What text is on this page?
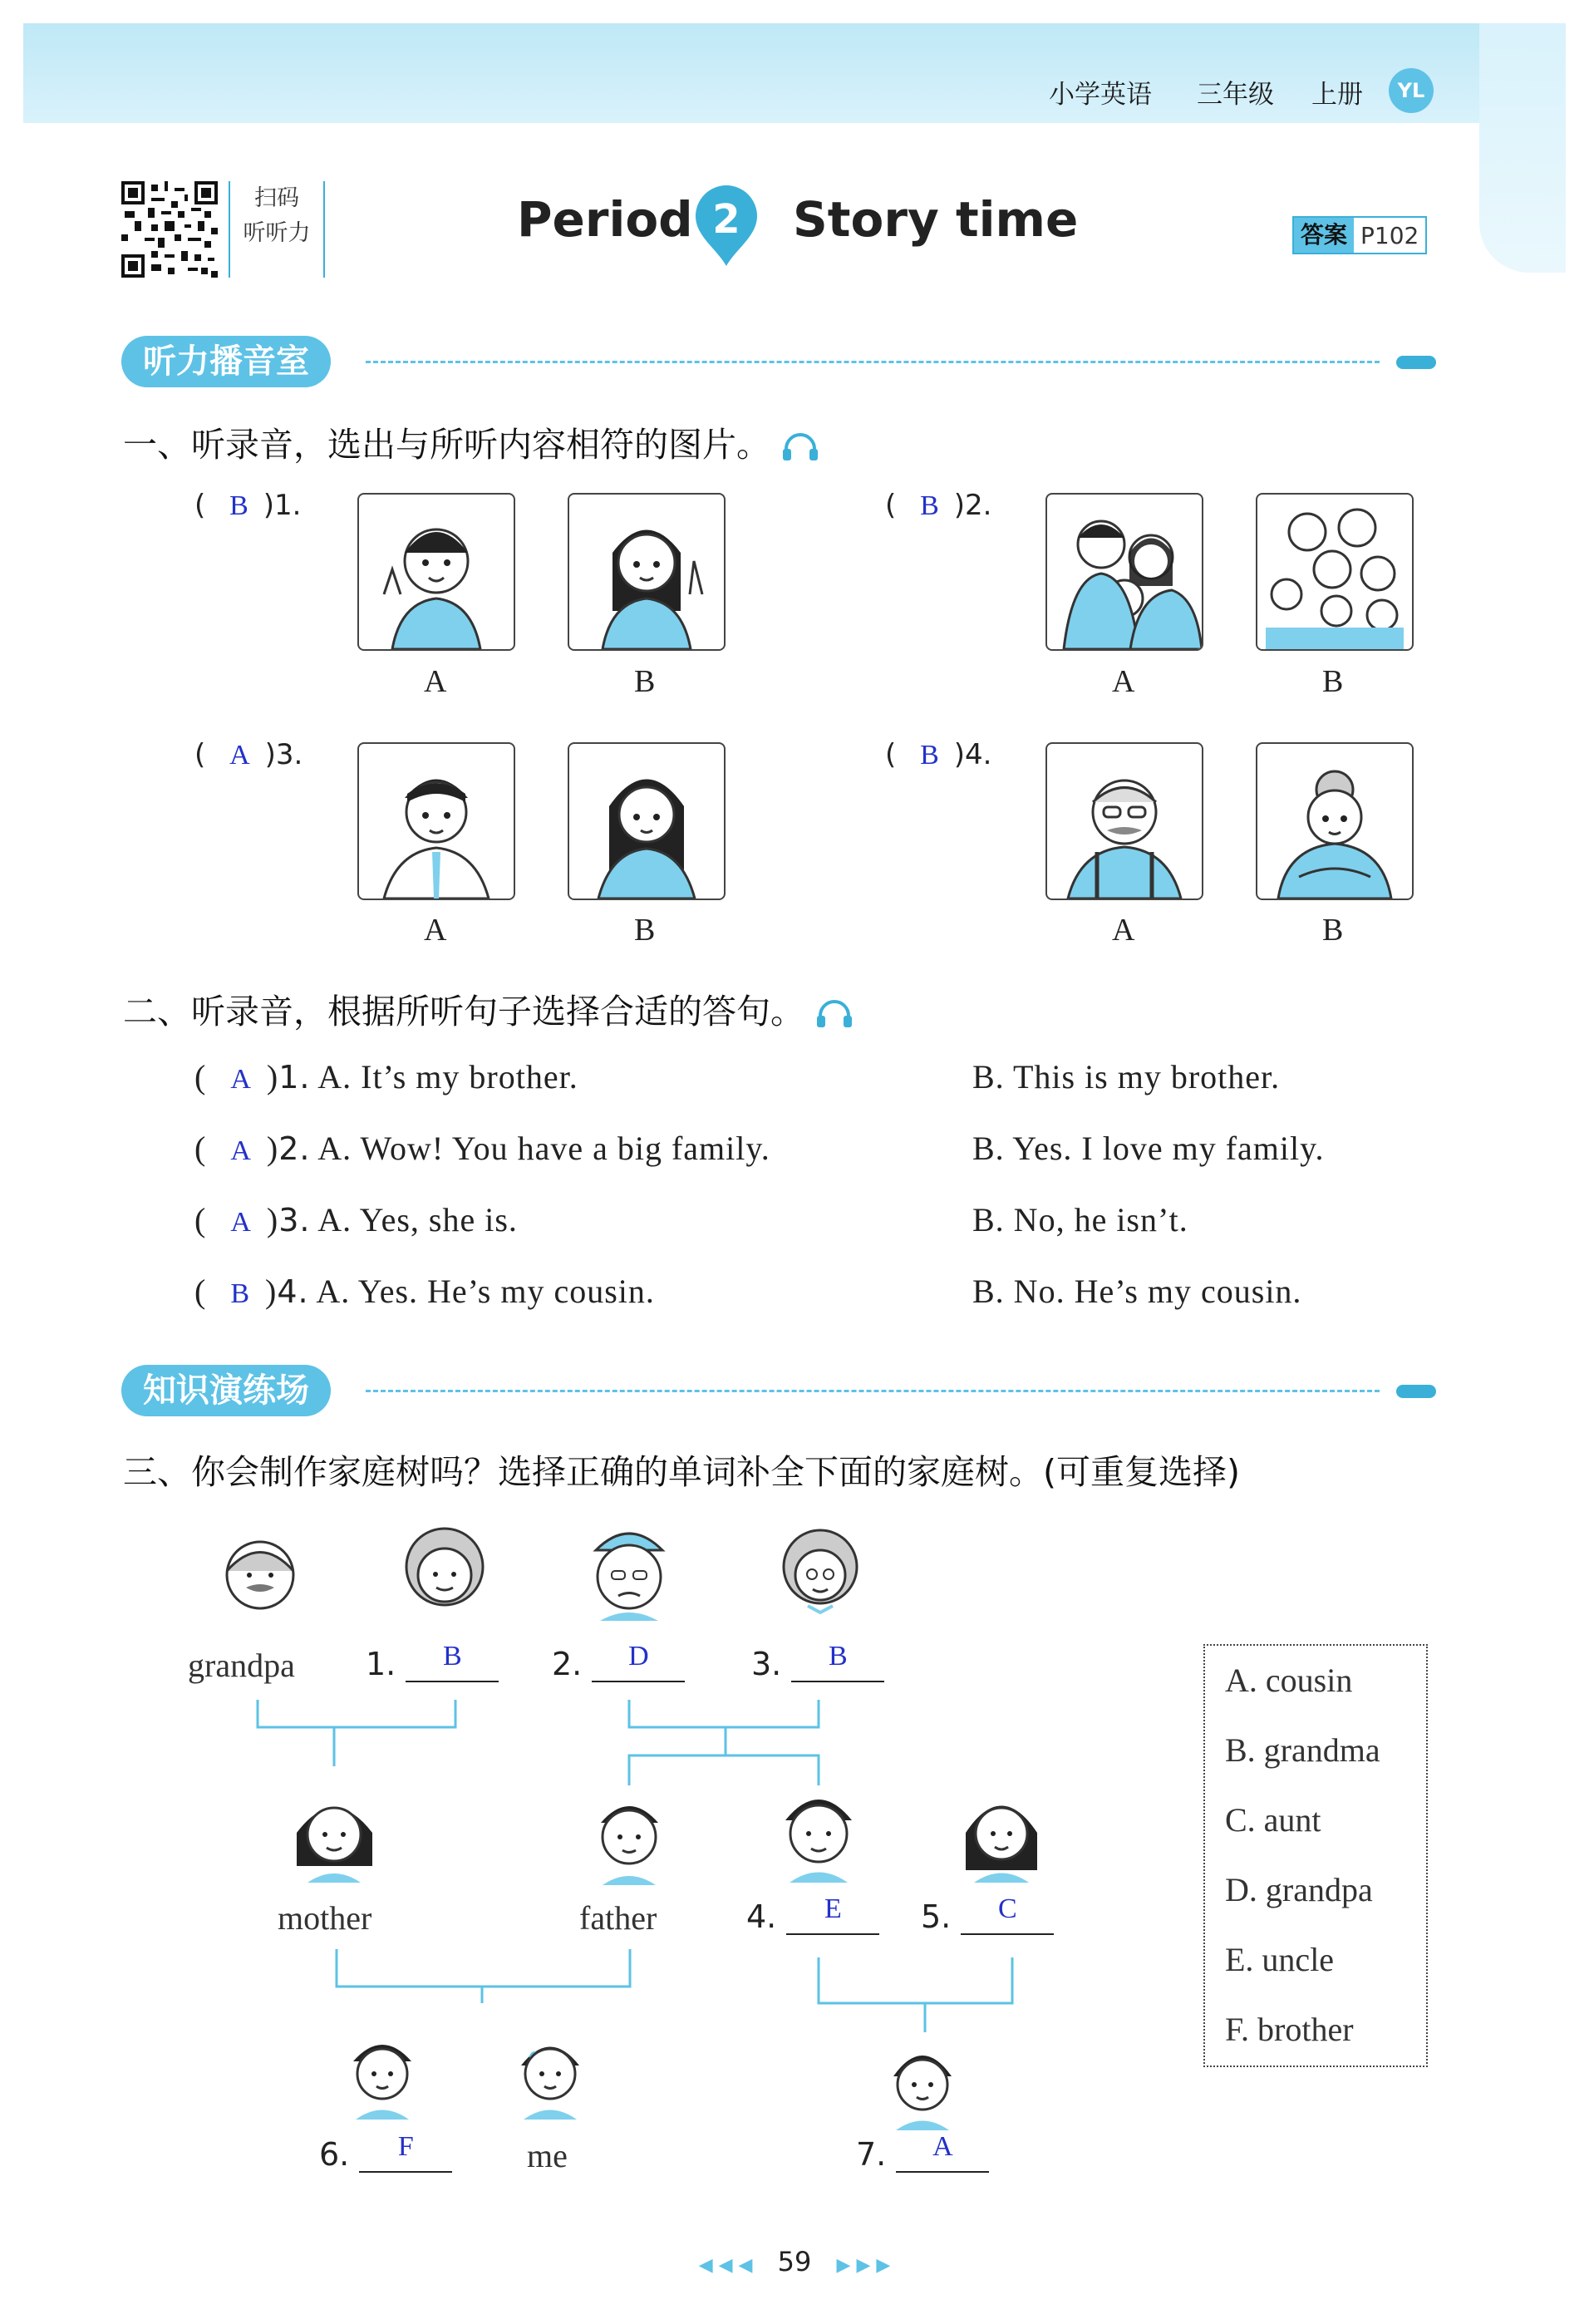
小学英语 三年级 上册	YL
扫码
听听力	Period 2	Story time	答案 P102
听力播音室
一、听录音，选出与所听内容相符的图片。
( B )1.
A	B
( B )2.
A	B
( A )3.
A	B
( B )4.
A	B
二、听录音，根据所听句子选择合适的答句。
( A )1. A. It’s my brother.	B. This is my brother.
( A )2. A. Wow! You have a big family.	B. Yes. I love my family.
( A )3. A. Yes, she is.	B. No, he isn’t.
( B )4. A. Yes. He’s my cousin.	B. No. He’s my cousin.
知识演练场
三、你会制作家庭树吗？选择正确的单词补全下面的家庭树。(可重复选择)
grandpa 1.	B	2.	D	3.	B
mother	father	4.	E	5.	C
6.	F	me	7.	A
A. cousin
B. grandma
C. aunt
D. grandpa
E. uncle
F. brother
◀ ◀ ◀ 59 ▶ ▶ ▶
